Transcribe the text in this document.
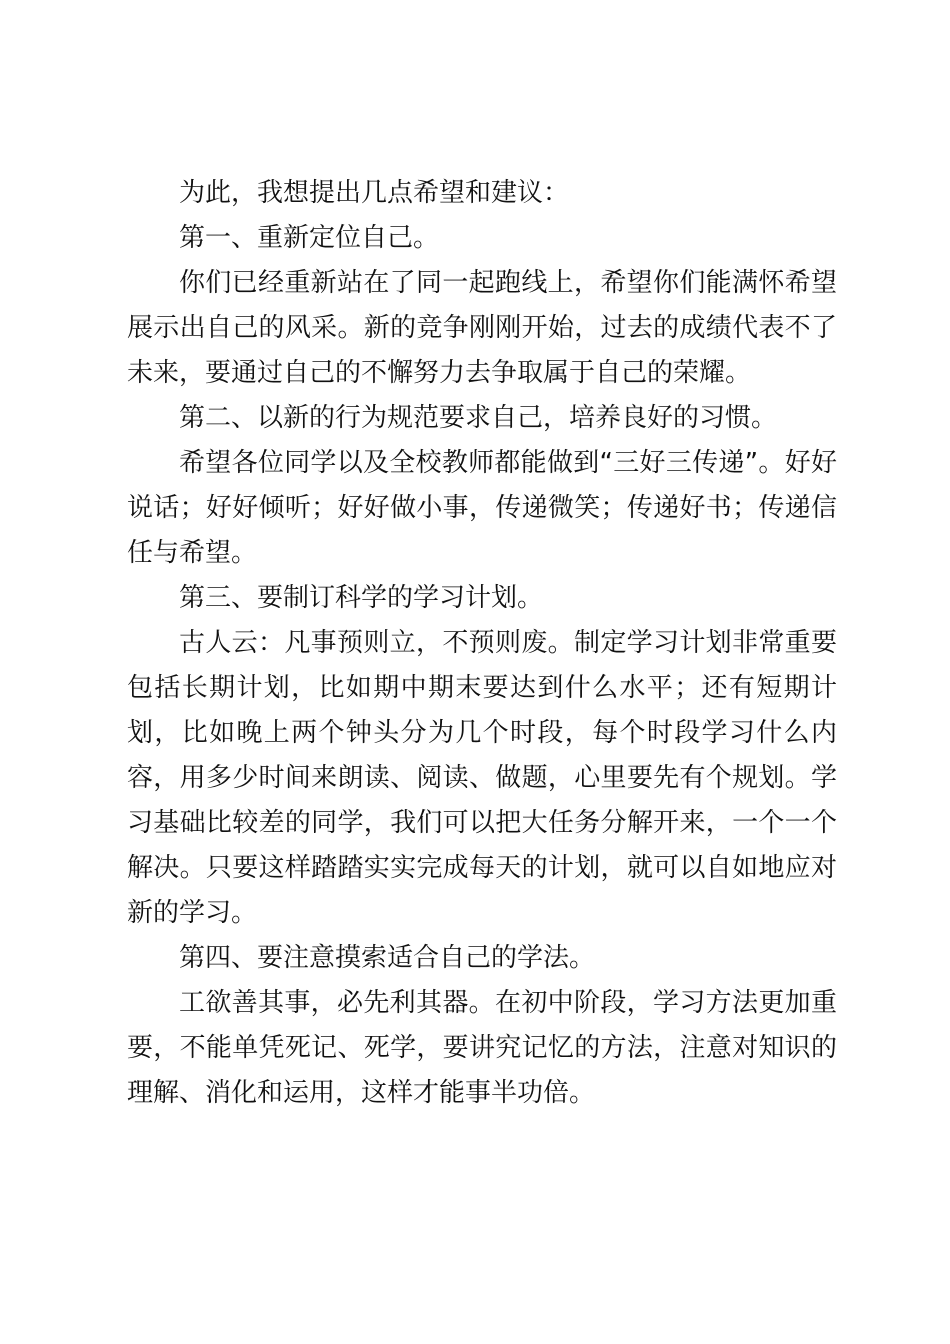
为此，我想提出几点希望和建议：

第一、重新定位自己。

你们已经重新站在了同一起跑线上，希望你们能满怀希望展示出自己的风采。新的竞争刚刚开始，过去的成绩代表不了未来，要通过自己的不懈努力去争取属于自己的荣耀。

第二、以新的行为规范要求自己，培养良好的习惯。

希望各位同学以及全校教师都能做到“三好三传递”。好好说话；好好倾听；好好做小事，传递微笑；传递好书；传递信任与希望。

第三、要制订科学的学习计划。

古人云：凡事预则立，不预则废。制定学习计划非常重要包括长期计划，比如期中期末要达到什么水平；还有短期计划，比如晚上两个钟头分为几个时段，每个时段学习什么内容，用多少时间来朗读、阅读、做题，心里要先有个规划。学习基础比较差的同学，我们可以把大任务分解开来，一个一个解决。只要这样踏踏实实完成每天的计划，就可以自如地应对新的学习。

第四、要注意摸索适合自己的学法。

工欲善其事，必先利其器。在初中阶段，学习方法更加重要，不能单凭死记、死学，要讲究记忆的方法，注意对知识的理解、消化和运用，这样才能事半功倍。
